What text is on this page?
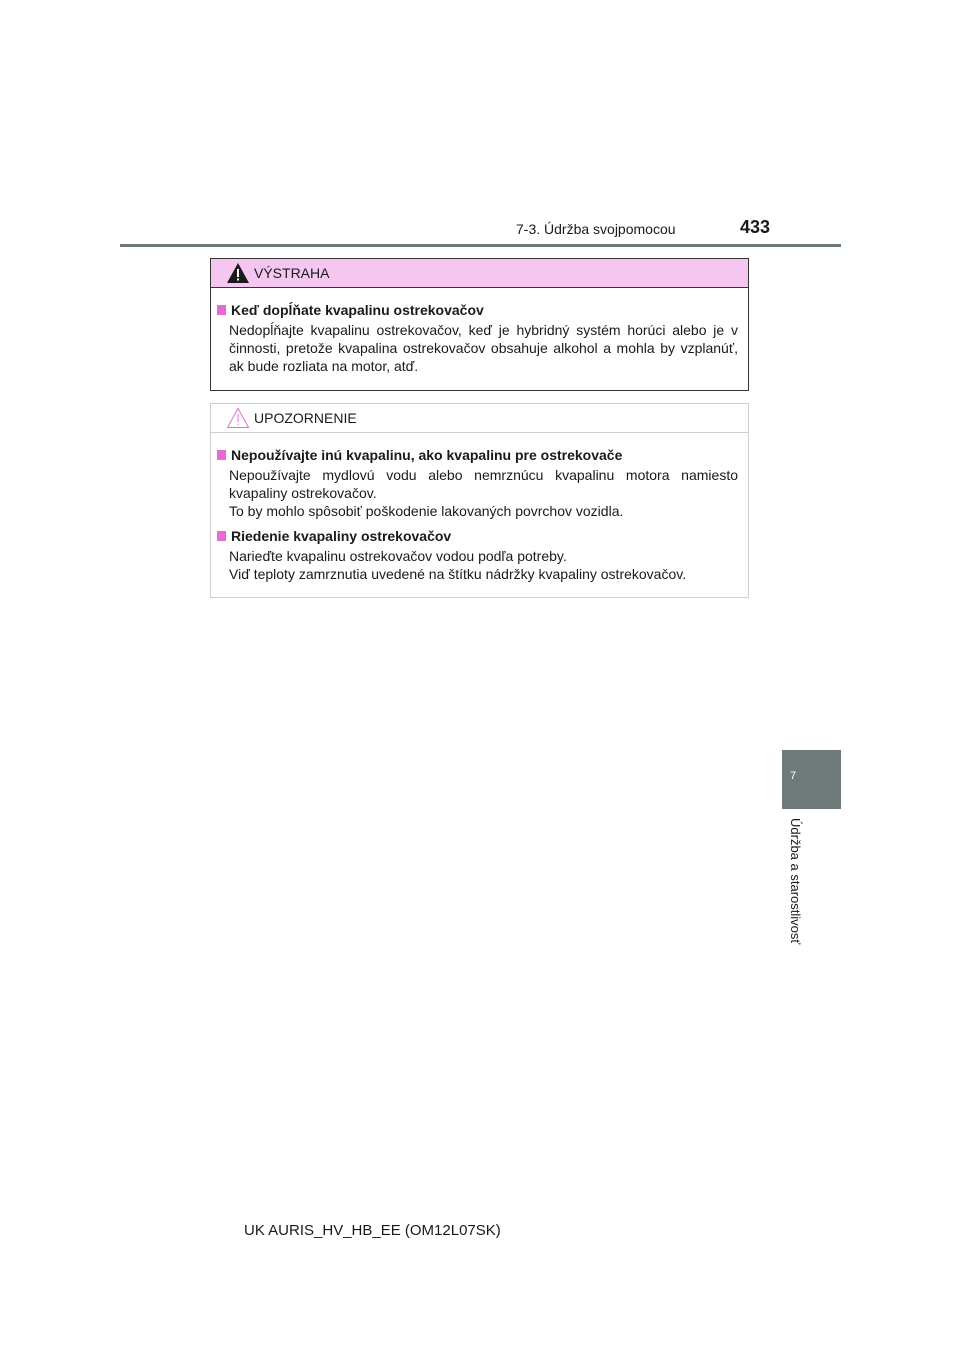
7-3. Údržba svojpomocou	433
VÝSTRAHA
Keď dopĺňate kvapalinu ostrekovačov
Nedopĺňajte kvapalinu ostrekovačov, keď je hybridný systém horúci alebo je v činnosti, pretože kvapalina ostrekovačov obsahuje alkohol a mohla by vzplanúť, ak bude rozliata na motor, atď.
UPOZORNENIE
Nepoužívajte inú kvapalinu, ako kvapalinu pre ostrekovače
Nepoužívajte mydlovú vodu alebo nemrznúcu kvapalinu motora namiesto kvapaliny ostrekovačov.
To by mohlo spôsobiť poškodenie lakovaných povrchov vozidla.
Riedenie kvapaliny ostrekovačov
Narieďte kvapalinu ostrekovačov vodou podľa potreby.
Viď teploty zamrznutia uvedené na štítku nádržky kvapaliny ostrekovačov.
7
Údržba a starostlivosť
UK AURIS_HV_HB_EE (OM12L07SK)
